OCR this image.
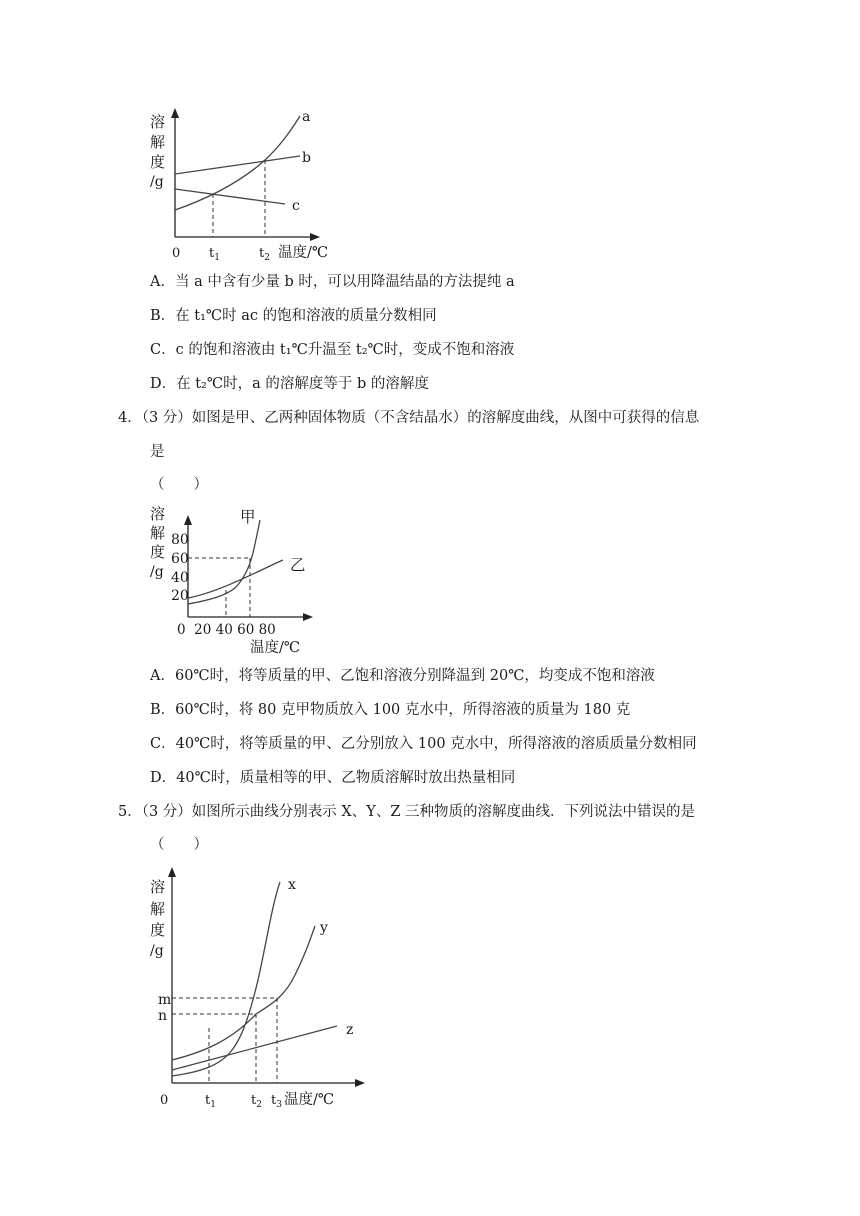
溶
解
度
/g
a
b
c
0 $t_1$	$t_2$ 温度/℃
A．当 a 中含有少量 b 时，可以用降温结晶的方法提纯 a
B．在 t₁℃时 ac 的饱和溶液的质量分数相同
C．c 的饱和溶液由 t₁℃升温至 t₂℃时，变成不饱和溶液
D．在 t₂℃时，a 的溶解度等于 b 的溶解度
4．（3 分）如图是甲、乙两种固体物质（不含结晶水）的溶解度曲线，从图中可获得的信息
是
（　　）
溶
解
度
/g
80
60
40
20
甲
乙
0  20 40 60 80
温度/℃
A．60℃时，将等质量的甲、乙饱和溶液分别降温到 20℃，均变成不饱和溶液
B．60℃时，将 80 克甲物质放入 100 克水中，所得溶液的质量为 180 克
C．40℃时，将等质量的甲、乙分别放入 100 克水中，所得溶液的溶质质量分数相同
D．40℃时，质量相等的甲、乙物质溶解时放出热量相同
5．（3 分）如图所示曲线分别表示 X、Y、Z 三种物质的溶解度曲线．下列说法中错误的是
（　　）
溶
解
度
/g
m
n
x
y
z
0	$t_1$	$t_2$ $t_3$ 温度/℃
